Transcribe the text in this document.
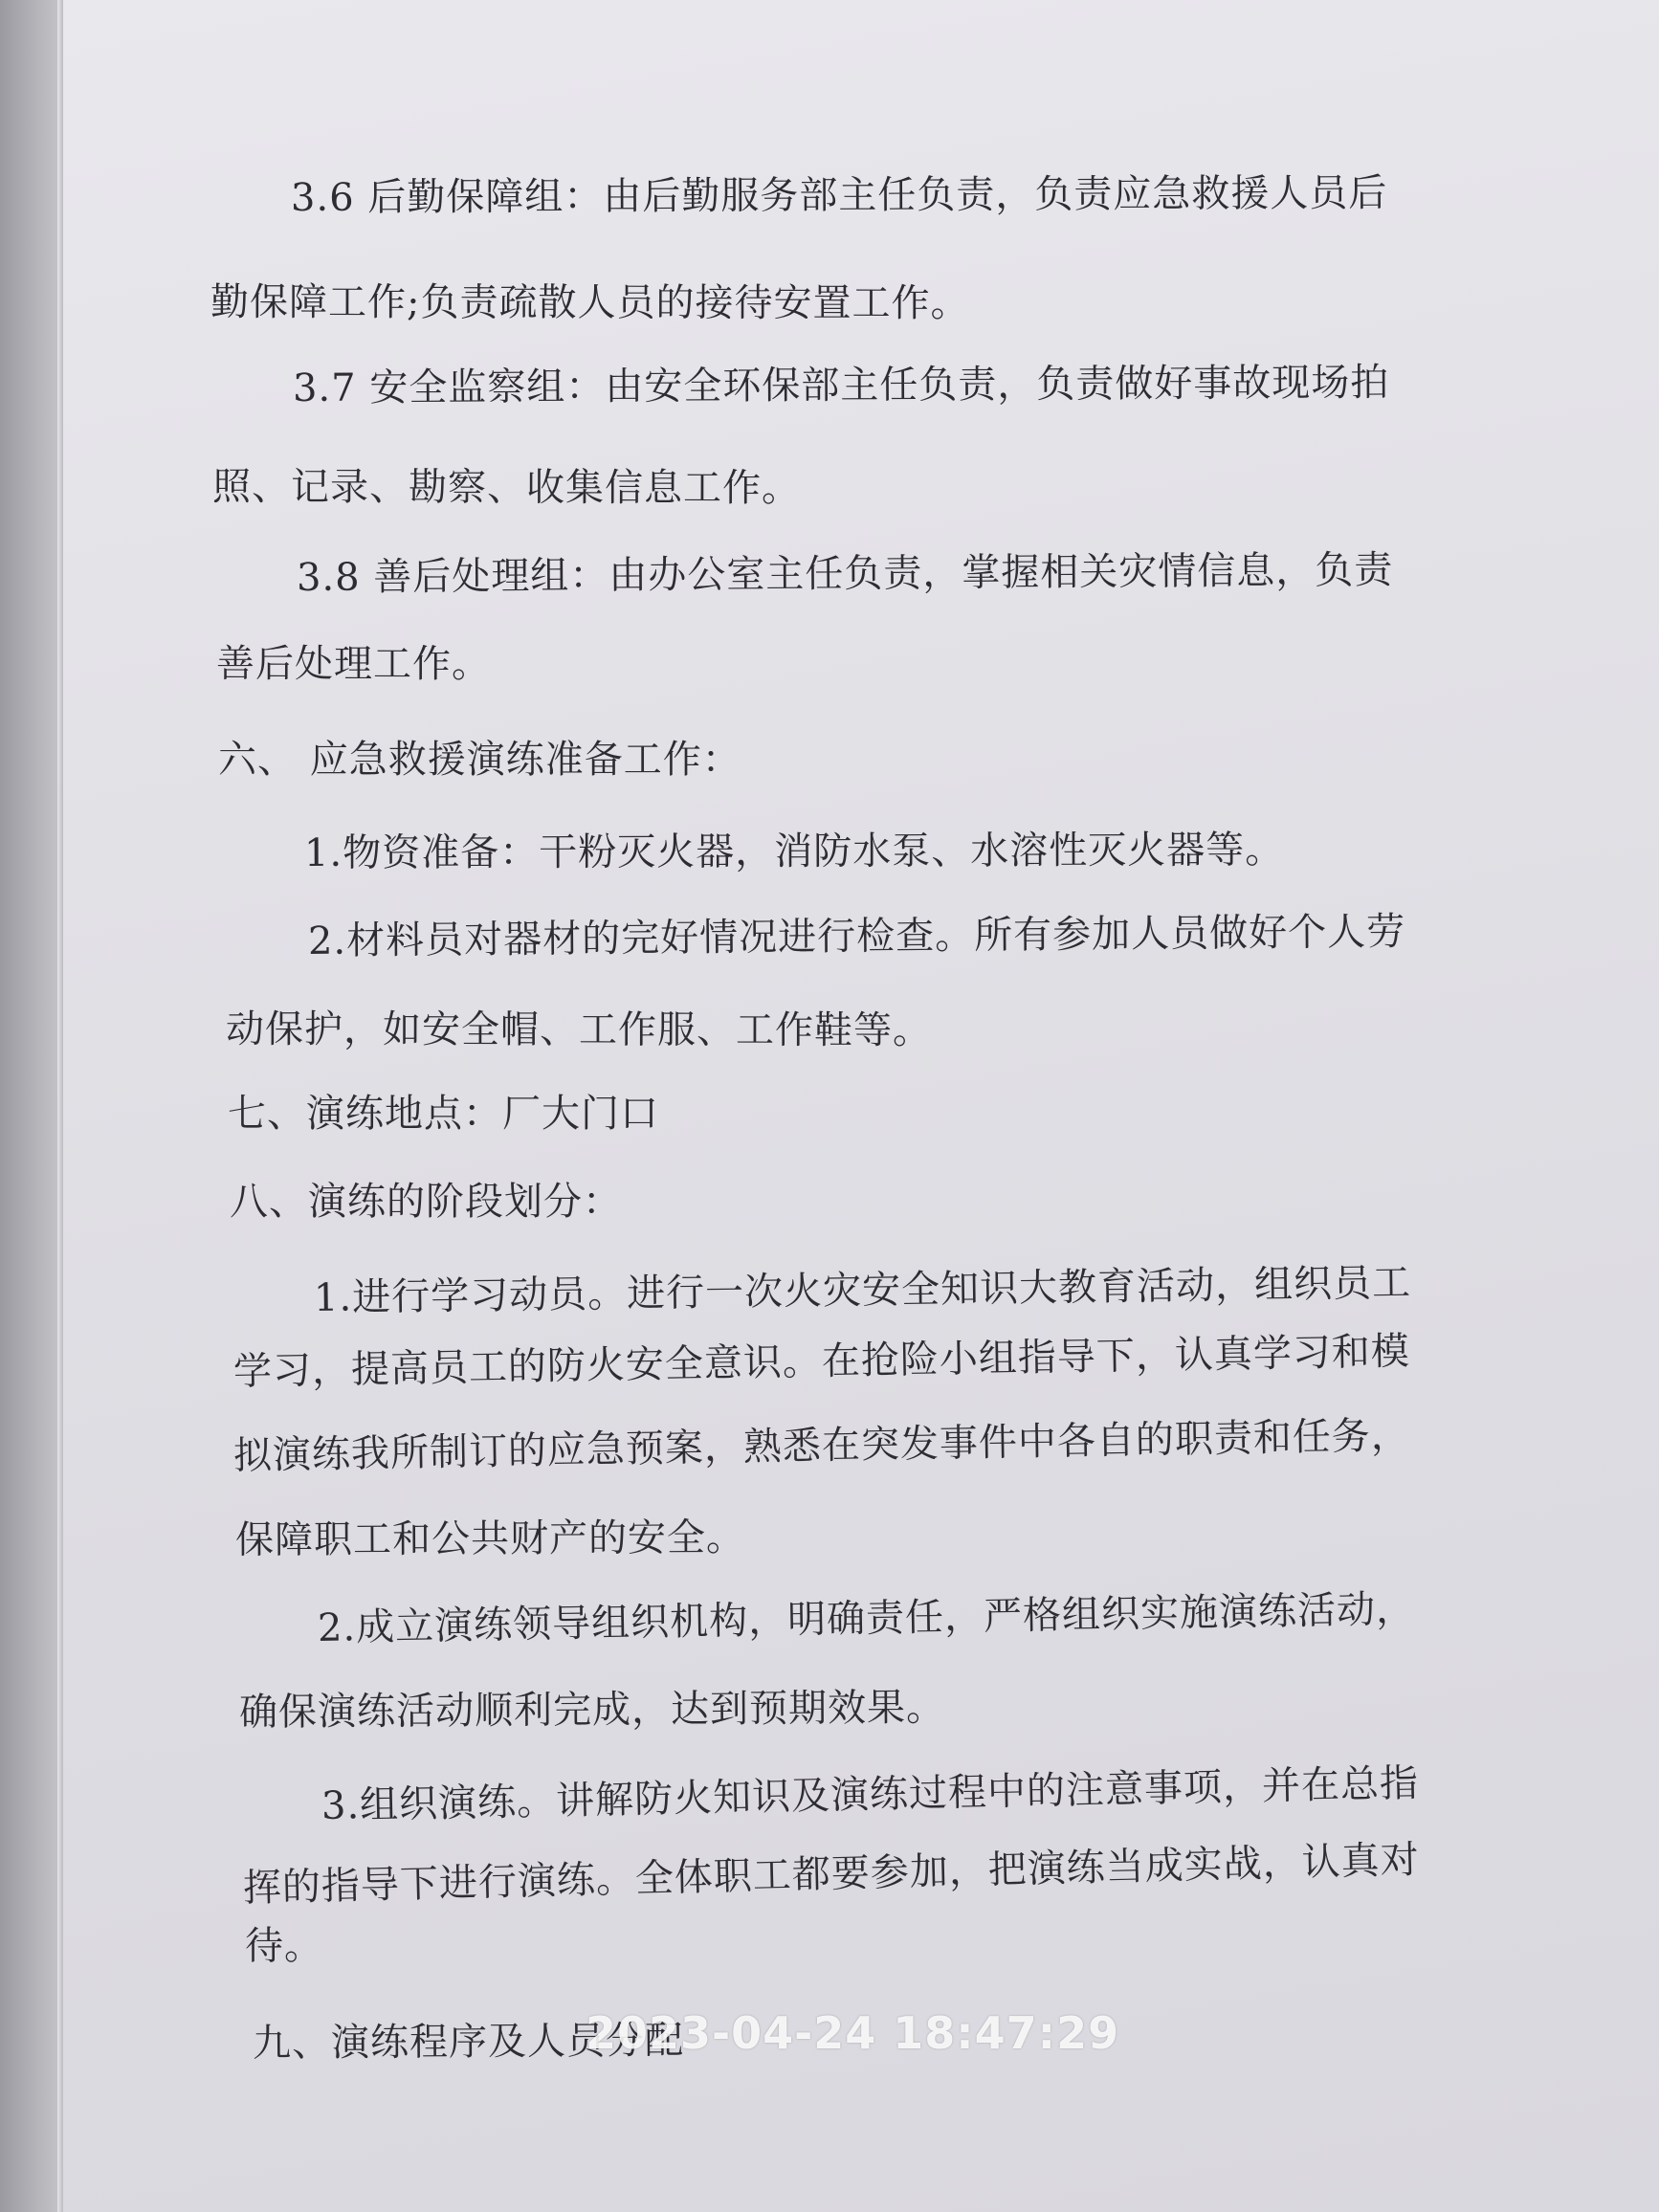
3.6 后勤保障组：由后勤服务部主任负责，负责应急救援人员后
勤保障工作;负责疏散人员的接待安置工作。
3.7 安全监察组：由安全环保部主任负责，负责做好事故现场拍
照、记录、勘察、收集信息工作。
3.8 善后处理组：由办公室主任负责，掌握相关灾情信息，负责
善后处理工作。
六、 应急救援演练准备工作：
1.物资准备：干粉灭火器，消防水泵、水溶性灭火器等。
2.材料员对器材的完好情况进行检查。所有参加人员做好个人劳
动保护，如安全帽、工作服、工作鞋等。
七、演练地点：厂大门口
八、演练的阶段划分：
1.进行学习动员。进行一次火灾安全知识大教育活动，组织员工
学习，提高员工的防火安全意识。在抢险小组指导下，认真学习和模
拟演练我所制订的应急预案，熟悉在突发事件中各自的职责和任务，
保障职工和公共财产的安全。
2.成立演练领导组织机构，明确责任，严格组织实施演练活动，
确保演练活动顺利完成，达到预期效果。
3.组织演练。讲解防火知识及演练过程中的注意事项，并在总指
挥的指导下进行演练。全体职工都要参加，把演练当成实战，认真对
待。
九、演练程序及人员分配
2023-04-24 18:47:29
